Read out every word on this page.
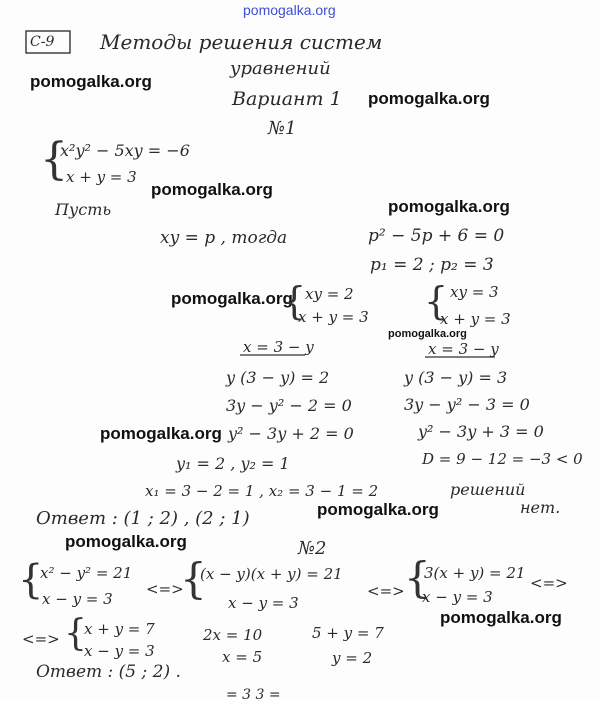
pomogalka.org
pomogalka.org
pomogalka.org
pomogalka.org
pomogalka.org
pomogalka.org
pomogalka.org
pomogalka.org
pomogalka.org
pomogalka.org
pomogalka.org
С-9 Методы решения систем
уравнений
Вариант 1
№1
{
x²y² − 5xy = −6
x + y = 3
Пусть
xy = p , тогда	p² − 5p + 6 = 0
p₁ = 2 ; p₂ = 3
{
xy = 2
x + y = 3
x = 3 − y
y (3 − y) = 2
3y − y² − 2 = 0
y² − 3y + 2 = 0
y₁ = 2 , y₂ = 1
x₁ = 3 − 2 = 1 , x₂ = 3 − 1 = 2
{ xy = 3
x + y = 3
x = 3 − y
y (3 − y) = 3
3y − y² − 3 = 0
y² − 3y + 3 = 0
D = 9 − 12 = −3 < 0
решений
нет.
Ответ : (1 ; 2) , (2 ; 1)
№2
{
x² − y² = 21
x − y = 3
<=>
{
(x − y)(x + y) = 21
x − y = 3
<=> {
3(x + y) = 21
x − y = 3
<=>
<=> {
x + y = 7
x − y = 3
2x = 10
x = 5
5 + y = 7
y = 2
Ответ : (5 ; 2) .
= 3 3 =
